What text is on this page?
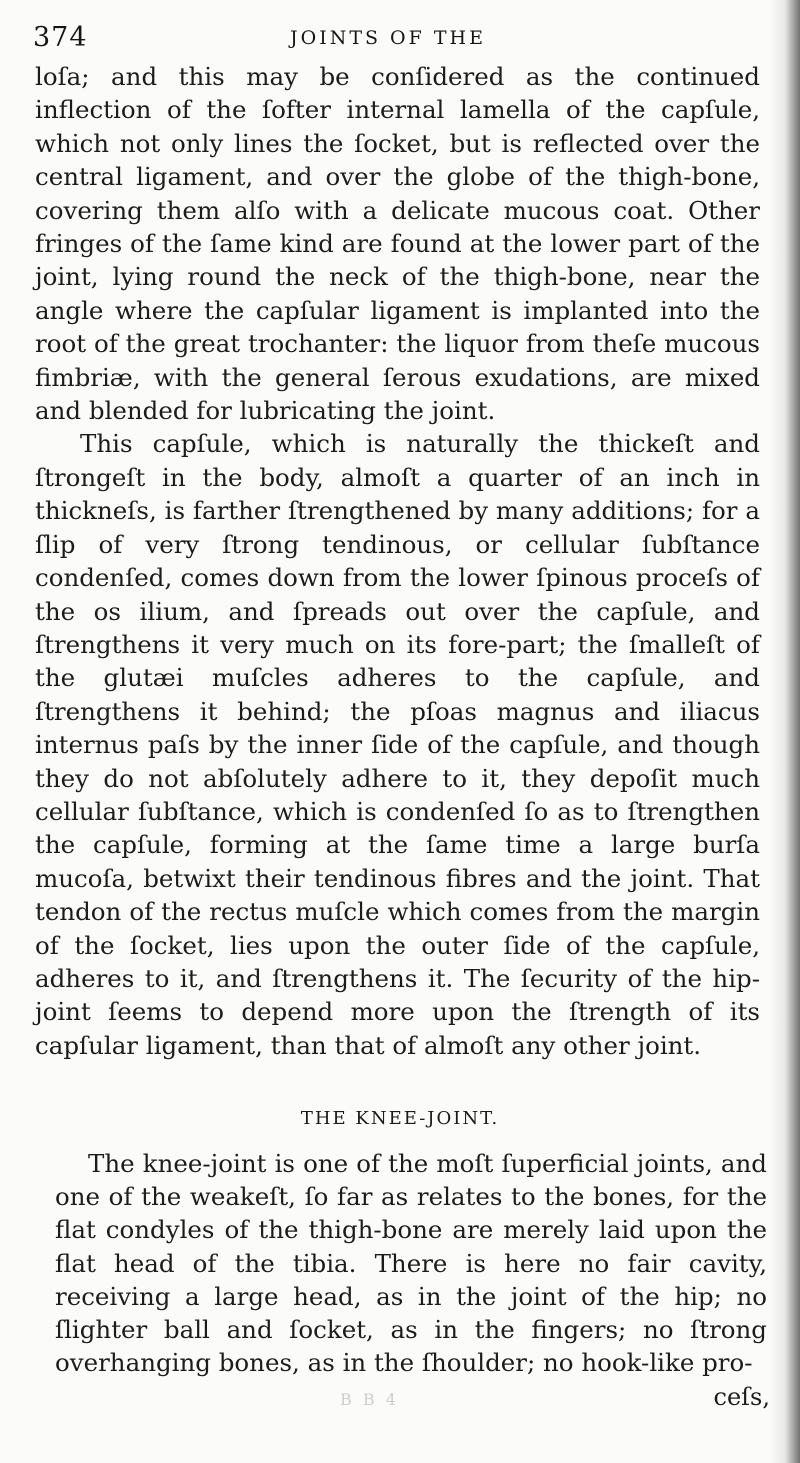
374	JOINTS OF THE

loſa; and this may be conſidered as the continued inflection of the ſofter internal lamella of the capſule, which not only lines the ſocket, but is reflected over the central ligament, and over the globe of the thigh-bone, covering them alſo with a delicate mucous coat. Other fringes of the ſame kind are found at the lower part of the joint, lying round the neck of the thigh-bone, near the angle where the capſular ligament is implanted into the root of the great trochanter: the liquor from theſe mucous fimbriæ, with the general ſerous exudations, are mixed and blended for lubricating the joint.

This capſule, which is naturally the thickeſt and ſtrongeſt in the body, almoſt a quarter of an inch in thickneſs, is farther ſtrengthened by many additions; for a ſlip of very ſtrong tendinous, or cellular ſubſtance condenſed, comes down from the lower ſpinous proceſs of the os ilium, and ſpreads out over the capſule, and ſtrengthens it very much on its fore-part; the ſmalleſt of the glutæi muſcles adheres to the capſule, and ſtrengthens it behind; the pſoas magnus and iliacus internus paſs by the inner ſide of the capſule, and though they do not abſolutely adhere to it, they depoſit much cellular ſubſtance, which is condenſed ſo as to ſtrengthen the capſule, forming at the ſame time a large burſa mucoſa, betwixt their tendinous fibres and the joint. That tendon of the rectus muſcle which comes from the margin of the ſocket, lies upon the outer ſide of the capſule, adheres to it, and ſtrengthens it. The ſecurity of the hip-joint ſeems to depend more upon the ſtrength of its capſular ligament, than that of almoſt any other joint.

THE KNEE-JOINT.

The knee-joint is one of the moſt ſuperficial joints, and one of the weakeſt, ſo far as relates to the bones, for the flat condyles of the thigh-bone are merely laid upon the flat head of the tibia. There is here no fair cavity, receiving a large head, as in the joint of the hip; no ſlighter ball and ſocket, as in the fingers; no ſtrong overhanging bones, as in the ſhoulder; no hook-like pro-

B B 4	ceſs,
